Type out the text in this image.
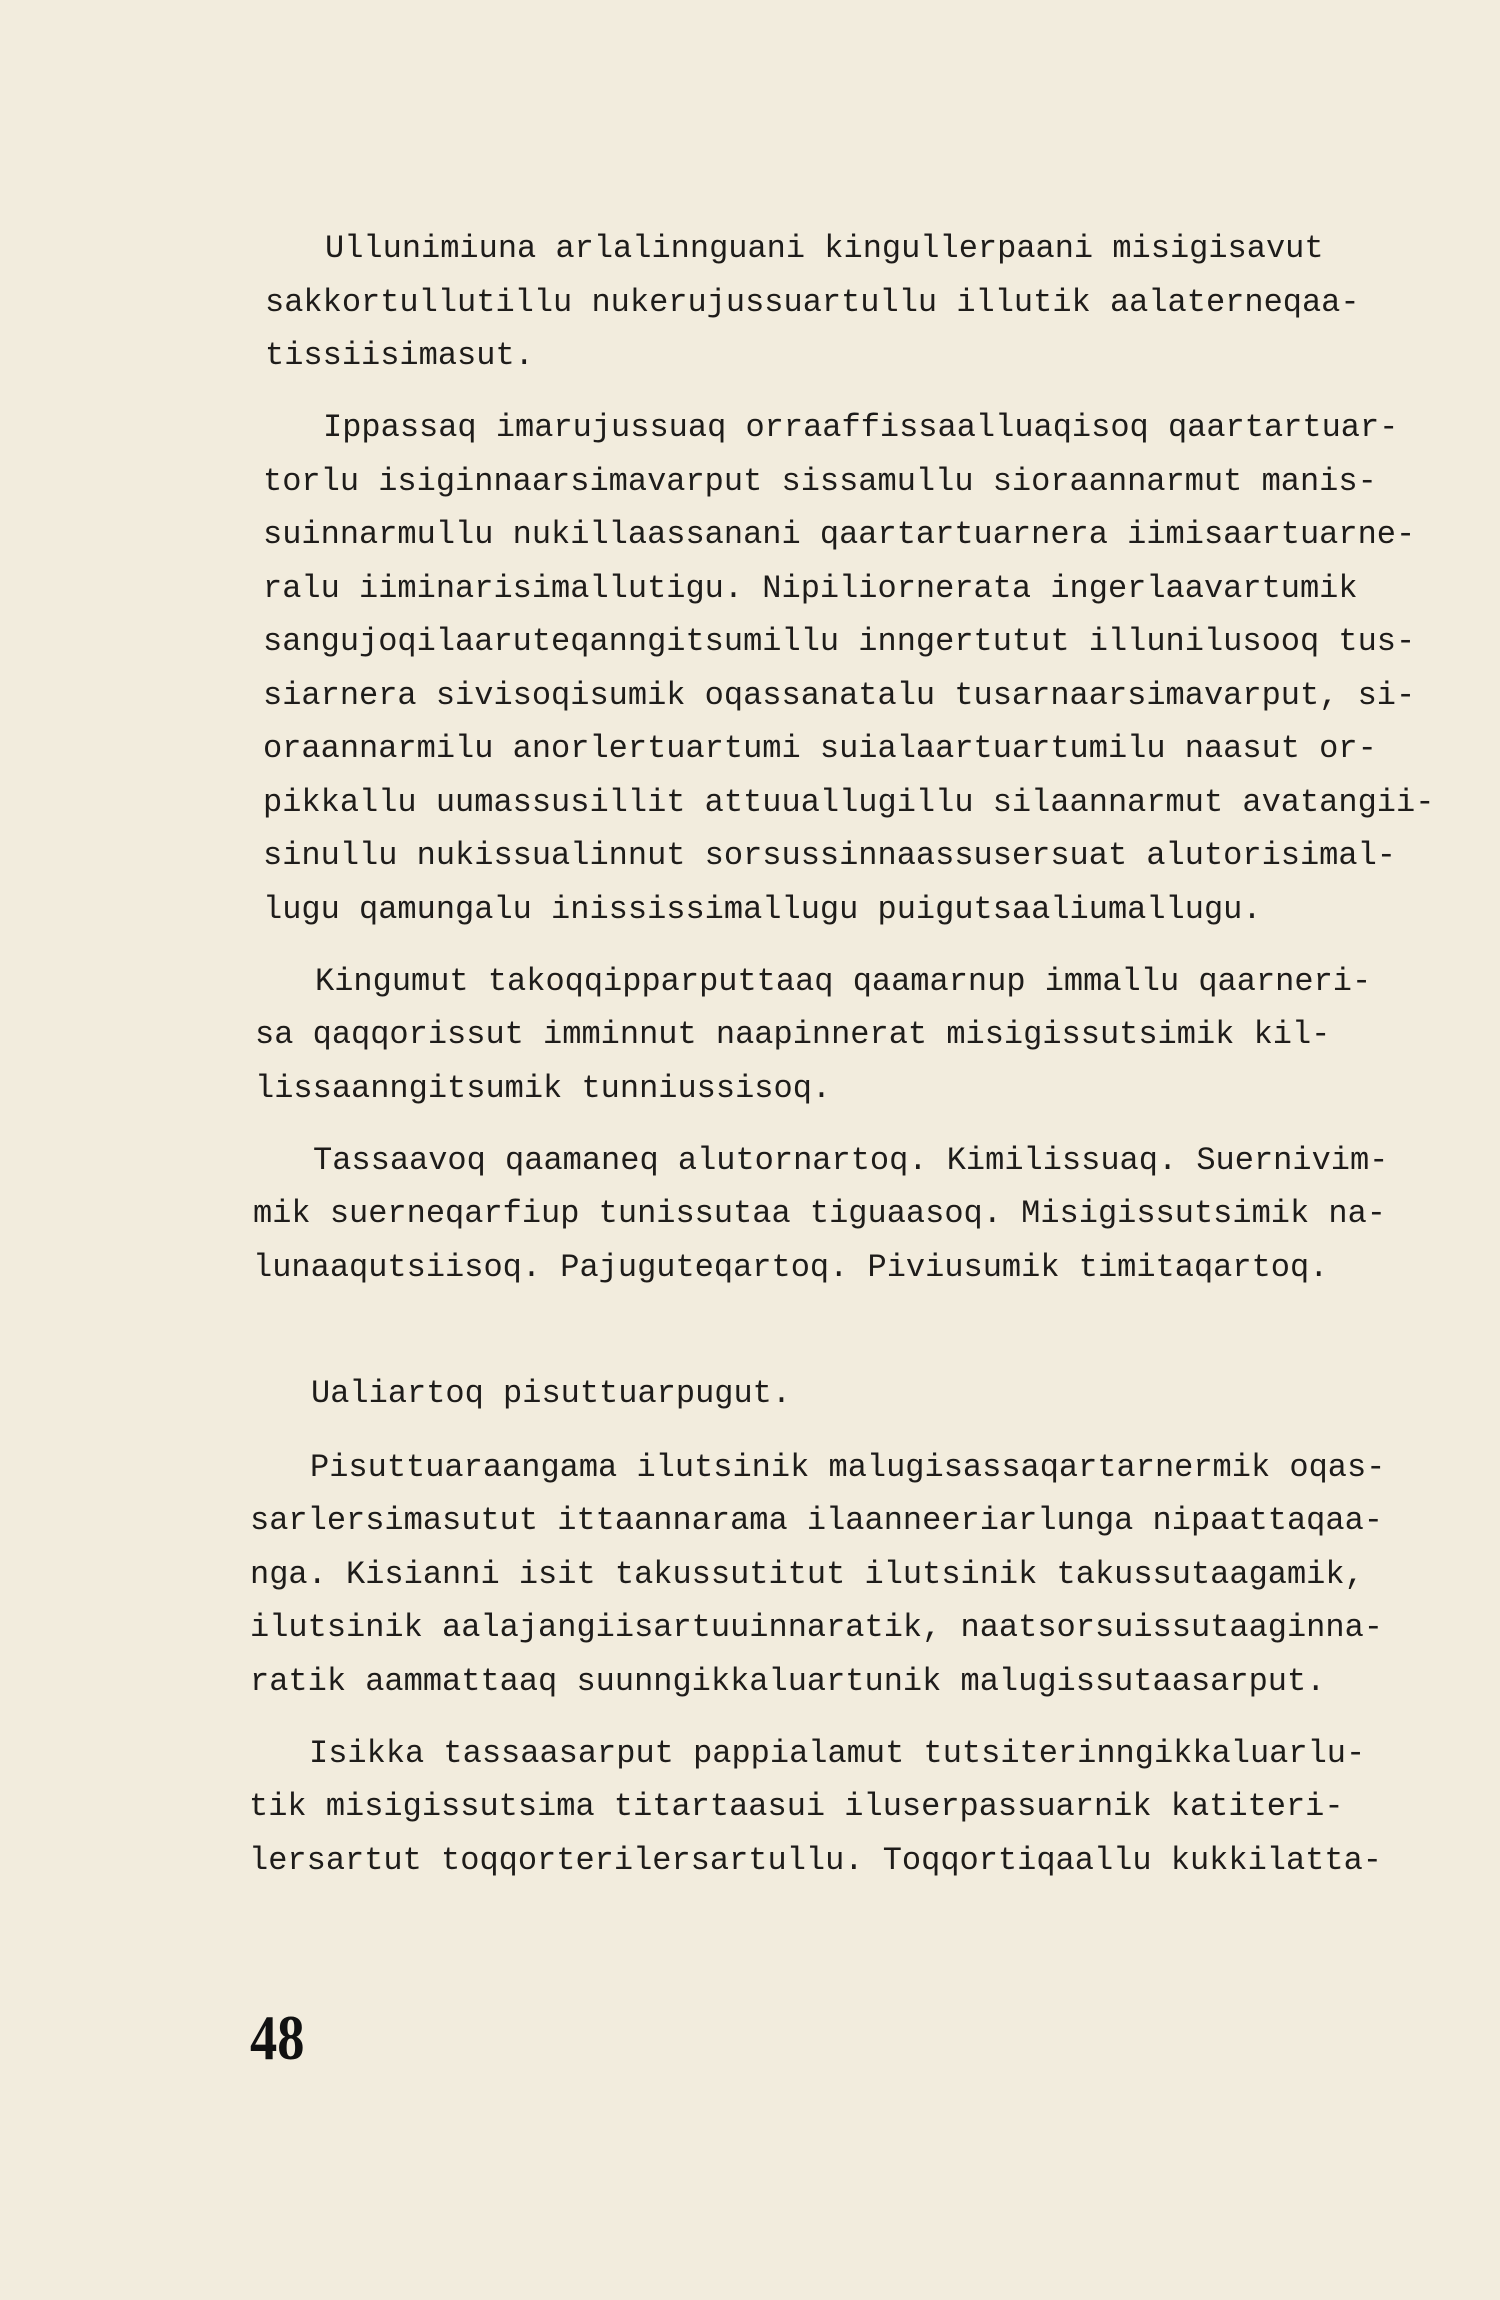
Ullunimiuna arlalinnguani kingullerpaani misigisavut
sakkortullutillu nukerujussuartullu illutik aalaterneqaa-
tissiisimasut.

Ippassaq imarujussuaq orraaffissaalluaqisoq qaartartuar-
torlu isiginnaarsimavarput sissamullu sioraannarmut manis-
suinnarmullu nukillaassanani qaartartuarnera iimisaartuarne-
ralu iiminarisimallutigu. Nipiliornerata ingerlaavartumik
sangujoqilaaruteqanngitsumillu inngertutut illunilusooq tus-
siarnera sivisoqisumik oqassanatalu tusarnaarsimavarput, si-
oraannarmilu anorlertuartumi suialaartuartumilu naasut or-
pikkallu uumassusillit attuuallugillu silaannarmut avatangii-
sinullu nukissualinnut sorsussinnaassusersuat alutorisimal-
lugu qamungalu inississimallugu puigutsaaliumallugu.

Kingumut takoqqipparputtaaq qaamarnup immallu qaarneri-
sa qaqqorissut imminnut naapinnerat misigissutsimik kil-
lissaanngitsumik tunniussisoq.

Tassaavoq qaamaneq alutornartoq. Kimilissuaq. Suernivim-
mik suerneqarfiup tunissutaa tiguaasoq. Misigissutsimik na-
lunaaqutsiisoq. Pajuguteqartoq. Piviusumik timitaqartoq.

Ualiartoq pisuttuarpugut.

Pisuttuaraangama ilutsinik malugisassaqartarnermik oqas-
sarlersimasutut ittaannarama ilaanneeriarlunga nipaattaqaa-
nga. Kisianni isit takussutitut ilutsinik takussutaagamik,
ilutsinik aalajangiisartuuinnaratik, naatsorsuissutaaginna-
ratik aammattaaq suunngikkaluartunik malugissutaasarput.

Isikka tassaasarput pappialamut tutsiterinngikkaluarlu-
tik misigissutsima titartaasui iluserpassuarnik katiteri-
lersartut toqqorterilersartullu. Toqqortiqaallu kukkilatta-

48
